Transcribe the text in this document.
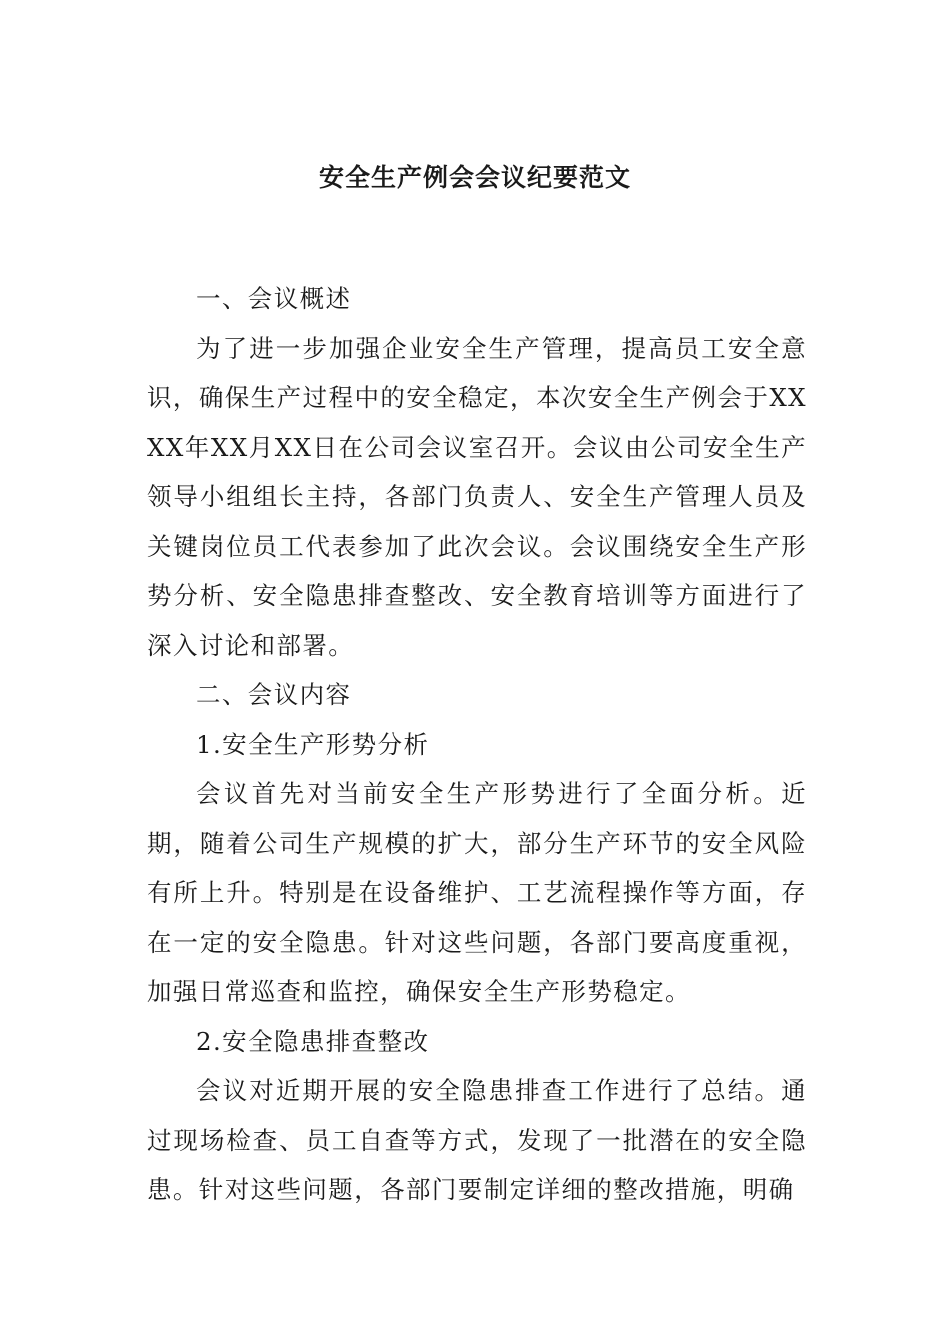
安全生产例会会议纪要范文

一、会议概述

为了进一步加强企业安全生产管理，提高员工安全意识，确保生产过程中的安全稳定，本次安全生产例会于XXXX年XX月XX日在公司会议室召开。会议由公司安全生产领导小组组长主持，各部门负责人、安全生产管理人员及关键岗位员工代表参加了此次会议。会议围绕安全生产形势分析、安全隐患排查整改、安全教育培训等方面进行了深入讨论和部署。

二、会议内容

1.安全生产形势分析

会议首先对当前安全生产形势进行了全面分析。近期，随着公司生产规模的扩大，部分生产环节的安全风险有所上升。特别是在设备维护、工艺流程操作等方面，存在一定的安全隐患。针对这些问题，各部门要高度重视，加强日常巡查和监控，确保安全生产形势稳定。

2.安全隐患排查整改

会议对近期开展的安全隐患排查工作进行了总结。通过现场检查、员工自查等方式，发现了一批潜在的安全隐患。针对这些问题，各部门要制定详细的整改措施，明确
